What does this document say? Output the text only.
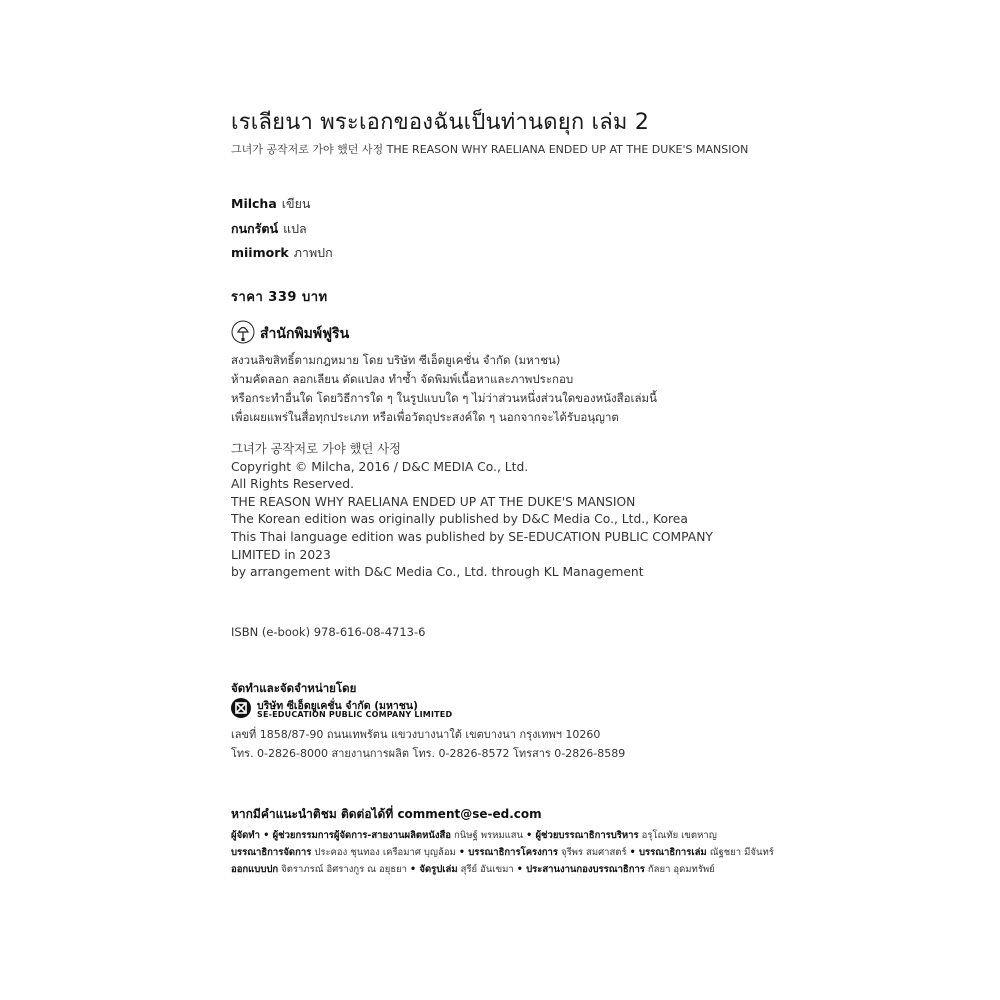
เรเลียนา พระเอกของฉันเป็นท่านดยุก เล่ม 2
그녀가 공작저로 가야 했던 사정 THE REASON WHY RAELIANA ENDED UP AT THE DUKE'S MANSION
Milcha เขียน
กนกรัตน์ แปล
miimork ภาพปก
ราคา 339 บาท
สำนักพิมพ์ฟูริน
สงวนลิขสิทธิ์ตามกฎหมาย โดย บริษัท ซีเอ็ดยูเคชั่น จำกัด (มหาชน)
ห้ามคัดลอก ลอกเลียน ดัดแปลง ทำซ้ำ จัดพิมพ์เนื้อหาและภาพประกอบ
หรือกระทำอื่นใด โดยวิธีการใด ๆ ในรูปแบบใด ๆ ไม่ว่าส่วนหนึ่งส่วนใดของหนังสือเล่มนี้
เพื่อเผยแพร่ในสื่อทุกประเภท หรือเพื่อวัตถุประสงค์ใด ๆ นอกจากจะได้รับอนุญาต
그녀가 공작저로 가야 했던 사정
Copyright © Milcha, 2016 / D&C MEDIA Co., Ltd.
All Rights Reserved.
THE REASON WHY RAELIANA ENDED UP AT THE DUKE'S MANSION
The Korean edition was originally published by D&C Media Co., Ltd., Korea
This Thai language edition was published by SE-EDUCATION PUBLIC COMPANY
LIMITED in 2023
by arrangement with D&C Media Co., Ltd. through KL Management
ISBN (e-book) 978-616-08-4713-6
จัดทำและจัดจำหน่ายโดย
บริษัท ซีเอ็ดยูเคชั่น จำกัด (มหาชน)
SE-EDUCATION PUBLIC COMPANY LIMITED
เลขที่ 1858/87-90 ถนนเทพรัตน แขวงบางนาใต้ เขตบางนา กรุงเทพฯ 10260
โทร. 0-2826-8000 สายงานการผลิต โทร. 0-2826-8572 โทรสาร 0-2826-8589
หากมีคำแนะนำติชม ติดต่อได้ที่ comment@se-ed.com
ผู้จัดทำ • ผู้ช่วยกรรมการผู้จัดการ-สายงานผลิตหนังสือ กนิษฐ์ พรหมแสน • ผู้ช่วยบรรณาธิการบริหาร อรุโณทัย เขตหาญ
บรรณาธิการจัดการ ประคอง ชุนทอง เครือมาศ บุญล้อม • บรรณาธิการโครงการ จุรีพร สมศาสตร์ • บรรณาธิการเล่ม ณัฐชยา มีจันทร์
ออกแบบปก จิตราภรณ์ อิศรางกูร ณ อยุธยา • จัดรูปเล่ม สุรีย์ อันเขมา • ประสานงานกองบรรณาธิการ กัลยา อุดมทรัพย์
